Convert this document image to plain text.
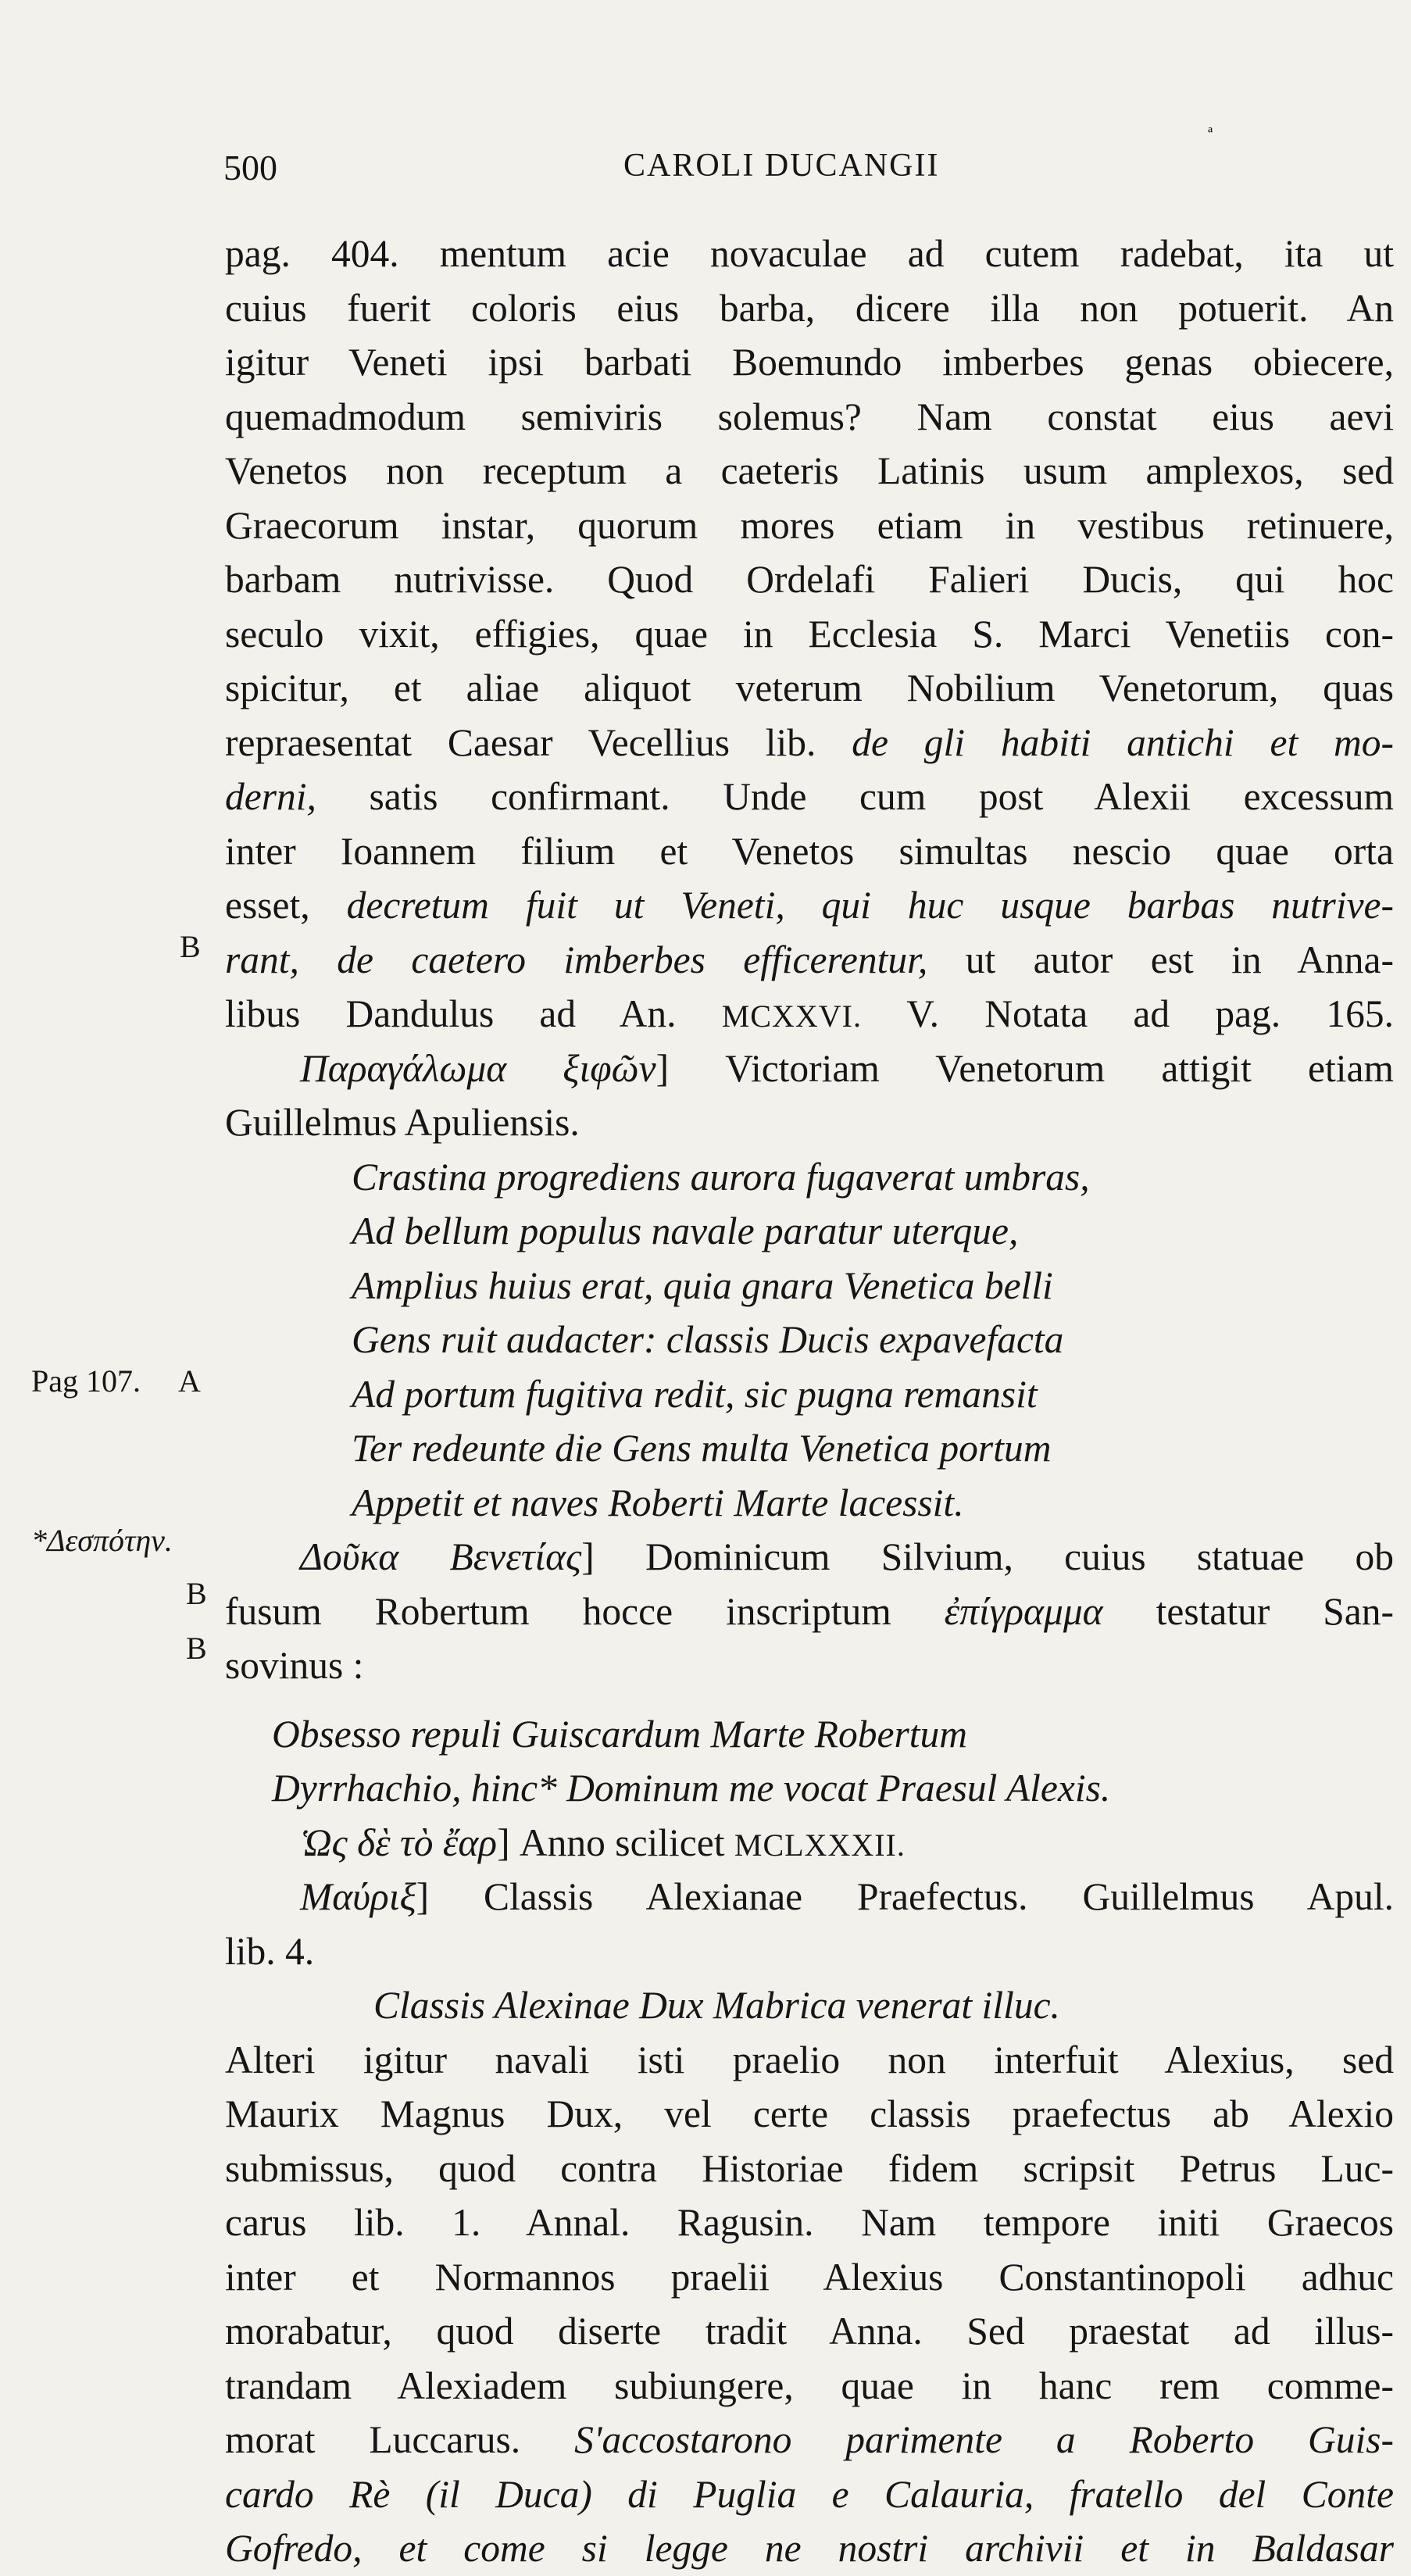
500	CAROLI DUCANGII
ª
B
Pag 107. A
*Δεσπότην.
B
B
pag. 404. mentum acie novaculae ad cutem radebat, ita ut
cuius fuerit coloris eius barba, dicere illa non potuerit. An
igitur Veneti ipsi barbati Boemundo imberbes genas obiecere,
quemadmodum semiviris solemus? Nam constat eius aevi
Venetos non receptum a caeteris Latinis usum amplexos, sed
Graecorum instar, quorum mores etiam in vestibus retinuere,
barbam nutrivisse. Quod Ordelafi Falieri Ducis, qui hoc
seculo vixit, effigies, quae in Ecclesia S. Marci Venetiis con-
spicitur, et aliae aliquot veterum Nobilium Venetorum, quas
repraesentat Caesar Vecellius lib. de gli habiti antichi et mo-
derni, satis confirmant. Unde cum post Alexii excessum
inter Ioannem filium et Venetos simultas nescio quae orta
esset, decretum fuit ut Veneti, qui huc usque barbas nutrive-
rant, de caetero imberbes efficerentur, ut autor est in Anna-
libus Dandulus ad An. MCXXVI. V. Notata ad pag. 165.
Παραγάλωμα ξιφῶν] Victoriam Venetorum attigit etiam
Guillelmus Apuliensis.
Crastina progrediens aurora fugaverat umbras,
Ad bellum populus navale paratur uterque,
Amplius huius erat, quia gnara Venetica belli
Gens ruit audacter: classis Ducis expavefacta
Ad portum fugitiva redit, sic pugna remansit
Ter redeunte die Gens multa Venetica portum
Appetit et naves Roberti Marte lacessit.
Δοῦκα Βενετίας] Dominicum Silvium, cuius statuae ob
fusum Robertum hocce inscriptum ἐπίγραμμα testatur San-
sovinus :
Obsesso repuli Guiscardum Marte Robertum
Dyrrhachio, hinc* Dominum me vocat Praesul Alexis.
Ὡς δὲ τὸ ἔαρ] Anno scilicet MCLXXXII.
Μαύριξ] Classis Alexianae Praefectus. Guillelmus Apul.
lib. 4.
Classis Alexinae Dux Mabrica venerat illuc.
Alteri igitur navali isti praelio non interfuit Alexius, sed
Maurix Magnus Dux, vel certe classis praefectus ab Alexio
submissus, quod contra Historiae fidem scripsit Petrus Luc-
carus lib. 1. Annal. Ragusin. Nam tempore initi Graecos
inter et Normannos praelii Alexius Constantinopoli adhuc
morabatur, quod diserte tradit Anna. Sed praestat ad illus-
trandam Alexiadem subiungere, quae in hanc rem comme-
morat Luccarus. S'accostarono parimente a Roberto Guis-
cardo Rè (il Duca) di Puglia e Calauria, fratello del Conte
Gofredo, et come si legge ne nostri archivii et in Baldasar
